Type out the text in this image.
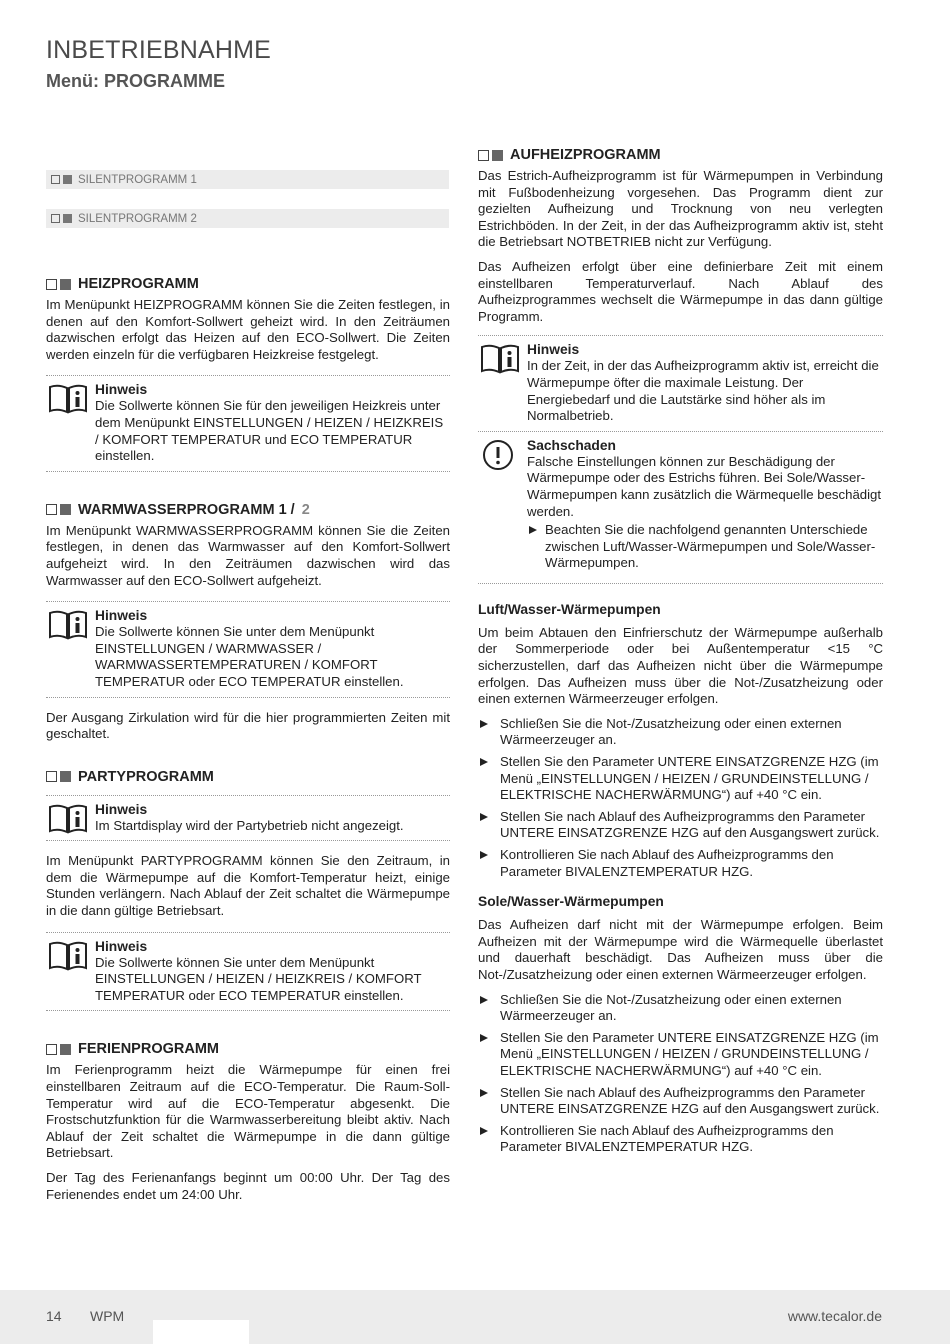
INBETRIEBNAHME
Menü: PROGRAMME
SILENTPROGRAMM 1
SILENTPROGRAMM 2
HEIZPROGRAMM

Im Menüpunkt HEIZPROGRAMM können Sie die Zeiten festlegen, in denen auf den Komfort-Sollwert geheizt wird. In den Zeiträumen dazwischen erfolgt das Heizen auf den ECO-Sollwert. Die Zeiten werden einzeln für die verfügbaren Heizkreise festgelegt.

Hinweis
Die Sollwerte können Sie für den jeweiligen Heizkreis unter dem Menüpunkt EINSTELLUNGEN / HEIZEN / HEIZKREIS / KOMFORT TEMPERATUR und ECO TEMPERATUR einstellen.
WARMWASSERPROGRAMM 1 / 2

Im Menüpunkt WARMWASSERPROGRAMM können Sie die Zeiten festlegen, in denen das Warmwasser auf den Komfort-Sollwert aufgeheizt wird. In den Zeiträumen dazwischen wird das Warmwasser auf den ECO-Sollwert aufgeheizt.

Hinweis
Die Sollwerte können Sie unter dem Menüpunkt EINSTELLUNGEN / WARMWASSER / WARMWASSERTEMPERATUREN / KOMFORT TEMPERATUR oder ECO TEMPERATUR einstellen.

Der Ausgang Zirkulation wird für die hier programmierten Zeiten mit geschaltet.

PARTYPROGRAMM
Hinweis
Im Startdisplay wird der Partybetrieb nicht angezeigt.

Im Menüpunkt PARTYPROGRAMM können Sie den Zeitraum, in dem die Wärmepumpe auf die Komfort-Temperatur heizt, einige Stunden verlängern. Nach Ablauf der Zeit schaltet die Wärmepumpe in die dann gültige Betriebsart.

Hinweis
Die Sollwerte können Sie unter dem Menüpunkt EINSTELLUNGEN / HEIZEN / HEIZKREIS / KOMFORT TEMPERATUR oder ECO TEMPERATUR einstellen.
FERIENPROGRAMM

Im Ferienprogramm heizt die Wärmepumpe für einen frei einstellbaren Zeitraum auf die ECO-Temperatur. Die Raum-Soll-Temperatur wird auf die ECO-Temperatur abgesenkt. Die Frostschutzfunktion für die Warmwasserbereitung bleibt aktiv. Nach Ablauf der Zeit schaltet die Wärmepumpe in die dann gültige Betriebsart.

Der Tag des Ferienanfangs beginnt um 00:00 Uhr. Der Tag des Ferienendes endet um 24:00 Uhr.

AUFHEIZPROGRAMM

Das Estrich-Aufheizprogramm ist für Wärmepumpen in Verbindung mit Fußbodenheizung vorgesehen. Das Programm dient zur gezielten Aufheizung und Trocknung von neu verlegten Estrichböden. In der Zeit, in der das Aufheizprogramm aktiv ist, steht die Betriebsart NOTBETRIEB nicht zur Verfügung.

Das Aufheizen erfolgt über eine definierbare Zeit mit einem einstellbaren Temperaturverlauf. Nach Ablauf des Aufheizprogrammes wechselt die Wärmepumpe in das dann gültige Programm.

Hinweis
In der Zeit, in der das Aufheizprogramm aktiv ist, erreicht die Wärmepumpe öfter die maximale Leistung. Der Energiebedarf und die Lautstärke sind höher als im Normalbetrieb.
Sachschaden
Falsche Einstellungen können zur Beschädigung der Wärmepumpe oder des Estrichs führen. Bei Sole/Wasser-Wärmepumpen kann zusätzlich die Wärmequelle beschädigt werden.
Beachten Sie die nachfolgend genannten Unterschiede zwischen Luft/Wasser-Wärmepumpen und Sole/Wasser-Wärmepumpen.
Luft/Wasser-Wärmepumpen

Um beim Abtauen den Einfrierschutz der Wärmepumpe außerhalb der Sommerperiode oder bei Außentemperatur <15 °C sicherzustellen, darf das Aufheizen nicht über die Wärmepumpe erfolgen. Das Aufheizen muss über die Not-/Zusatzheizung oder einen externen Wärmeerzeuger erfolgen.

Schließen Sie die Not-/Zusatzheizung oder einen externen Wärmeerzeuger an.
Stellen Sie den Parameter UNTERE EINSATZGRENZE HZG (im Menü „EINSTELLUNGEN / HEIZEN / GRUNDEINSTELLUNG / ELEKTRISCHE NACHERWÄRMUNG“) auf +40 °C ein.
Stellen Sie nach Ablauf des Aufheizprogramms den Parameter UNTERE EINSATZGRENZE HZG auf den Ausgangswert zurück.
Kontrollieren Sie nach Ablauf des Aufheizprogramms den Parameter BIVALENZTEMPERATUR HZG.
Sole/Wasser-Wärmepumpen

Das Aufheizen darf nicht mit der Wärmepumpe erfolgen. Beim Aufheizen mit der Wärmepumpe wird die Wärmequelle überlastet und dauerhaft beschädigt. Das Aufheizen muss über die Not-/Zusatzheizung oder einen externen Wärmeerzeuger erfolgen.

Schließen Sie die Not-/Zusatzheizung oder einen externen Wärmeerzeuger an.
Stellen Sie den Parameter UNTERE EINSATZGRENZE HZG (im Menü „EINSTELLUNGEN / HEIZEN / GRUNDEINSTELLUNG / ELEKTRISCHE NACHERWÄRMUNG“) auf +40 °C ein.
Stellen Sie nach Ablauf des Aufheizprogramms den Parameter UNTERE EINSATZGRENZE HZG auf den Ausgangswert zurück.
Kontrollieren Sie nach Ablauf des Aufheizprogramms den Parameter BIVALENZTEMPERATUR HZG.
14 WPM	www.tecalor.de
